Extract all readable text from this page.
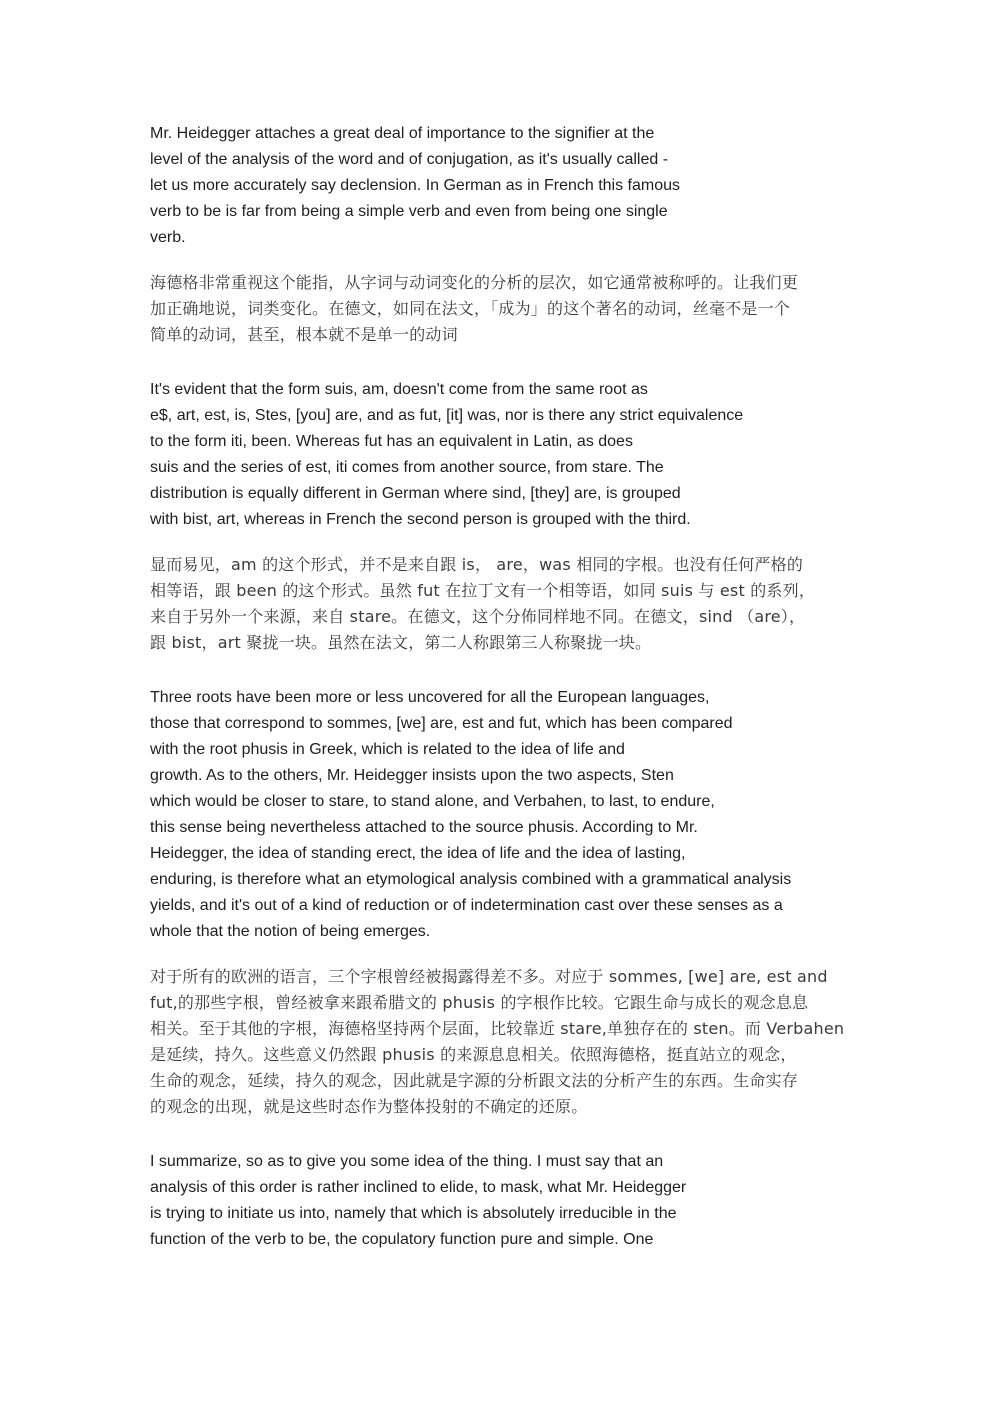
Mr. Heidegger attaches a great deal of importance to the signifier at the
level of the analysis of the word and of conjugation, as it's usually called -
let us more accurately say declension. In German as in French this famous
verb to be is far from being a simple verb and even from being one single
verb.

海德格非常重视这个能指，从字词与动词变化的分析的层次，如它通常被称呼的。让我们更
加正确地说，词类变化。在德文，如同在法文，「成为」的这个著名的动词，丝毫不是一个
简单的动词，甚至，根本就不是单一的动词

It's evident that the form suis, am, doesn't come from the same root as
e$, art, est, is, Stes, [you] are, and as fut, [it] was, nor is there any strict equivalence
to the form iti, been. Whereas fut has an equivalent in Latin, as does
suis and the series of est, iti comes from another source, from stare. The
distribution is equally different in German where sind, [they] are, is grouped
with bist, art, whereas in French the second person is grouped with the third.

显而易见，am 的这个形式，并不是来自跟 is， are，was 相同的字根。也没有任何严格的
相等语，跟 been 的这个形式。虽然 fut 在拉丁文有一个相等语，如同 suis 与 est 的系列，
来自于另外一个来源，来自 stare。在德文，这个分佈同样地不同。在德文，sind （are），
跟 bist，art 聚拢一块。虽然在法文，第二人称跟第三人称聚拢一块。

Three roots have been more or less uncovered for all the European languages,
those that correspond to sommes, [we] are, est and fut, which has been compared
with the root phusis in Greek, which is related to the idea of life and
growth. As to the others, Mr. Heidegger insists upon the two aspects, Sten
which would be closer to stare, to stand alone, and Verbahen, to last, to endure,
this sense being nevertheless attached to the source phusis. According to Mr.
Heidegger, the idea of standing erect, the idea of life and the idea of lasting,
enduring, is therefore what an etymological analysis combined with a grammatical analysis
yields, and it's out of a kind of reduction or of indetermination cast over these senses as a
whole that the notion of being emerges.

对于所有的欧洲的语言，三个字根曾经被揭露得差不多。对应于 sommes, [we] are, est and
fut,的那些字根，曾经被拿来跟希腊文的 phusis 的字根作比较。它跟生命与成长的观念息息
相关。至于其他的字根，海德格坚持两个层面，比较靠近 stare,单独存在的 sten。而 Verbahen
是延续，持久。这些意义仍然跟 phusis 的来源息息相关。依照海德格，挺直站立的观念，
生命的观念，延续，持久的观念，因此就是字源的分析跟文法的分析产生的东西。生命实存
的观念的出现，就是这些时态作为整体投射的不确定的还原。

I summarize, so as to give you some idea of the thing. I must say that an
analysis of this order is rather inclined to elide, to mask, what Mr. Heidegger
is trying to initiate us into, namely that which is absolutely irreducible in the
function of the verb to be, the copulatory function pure and simple. One
